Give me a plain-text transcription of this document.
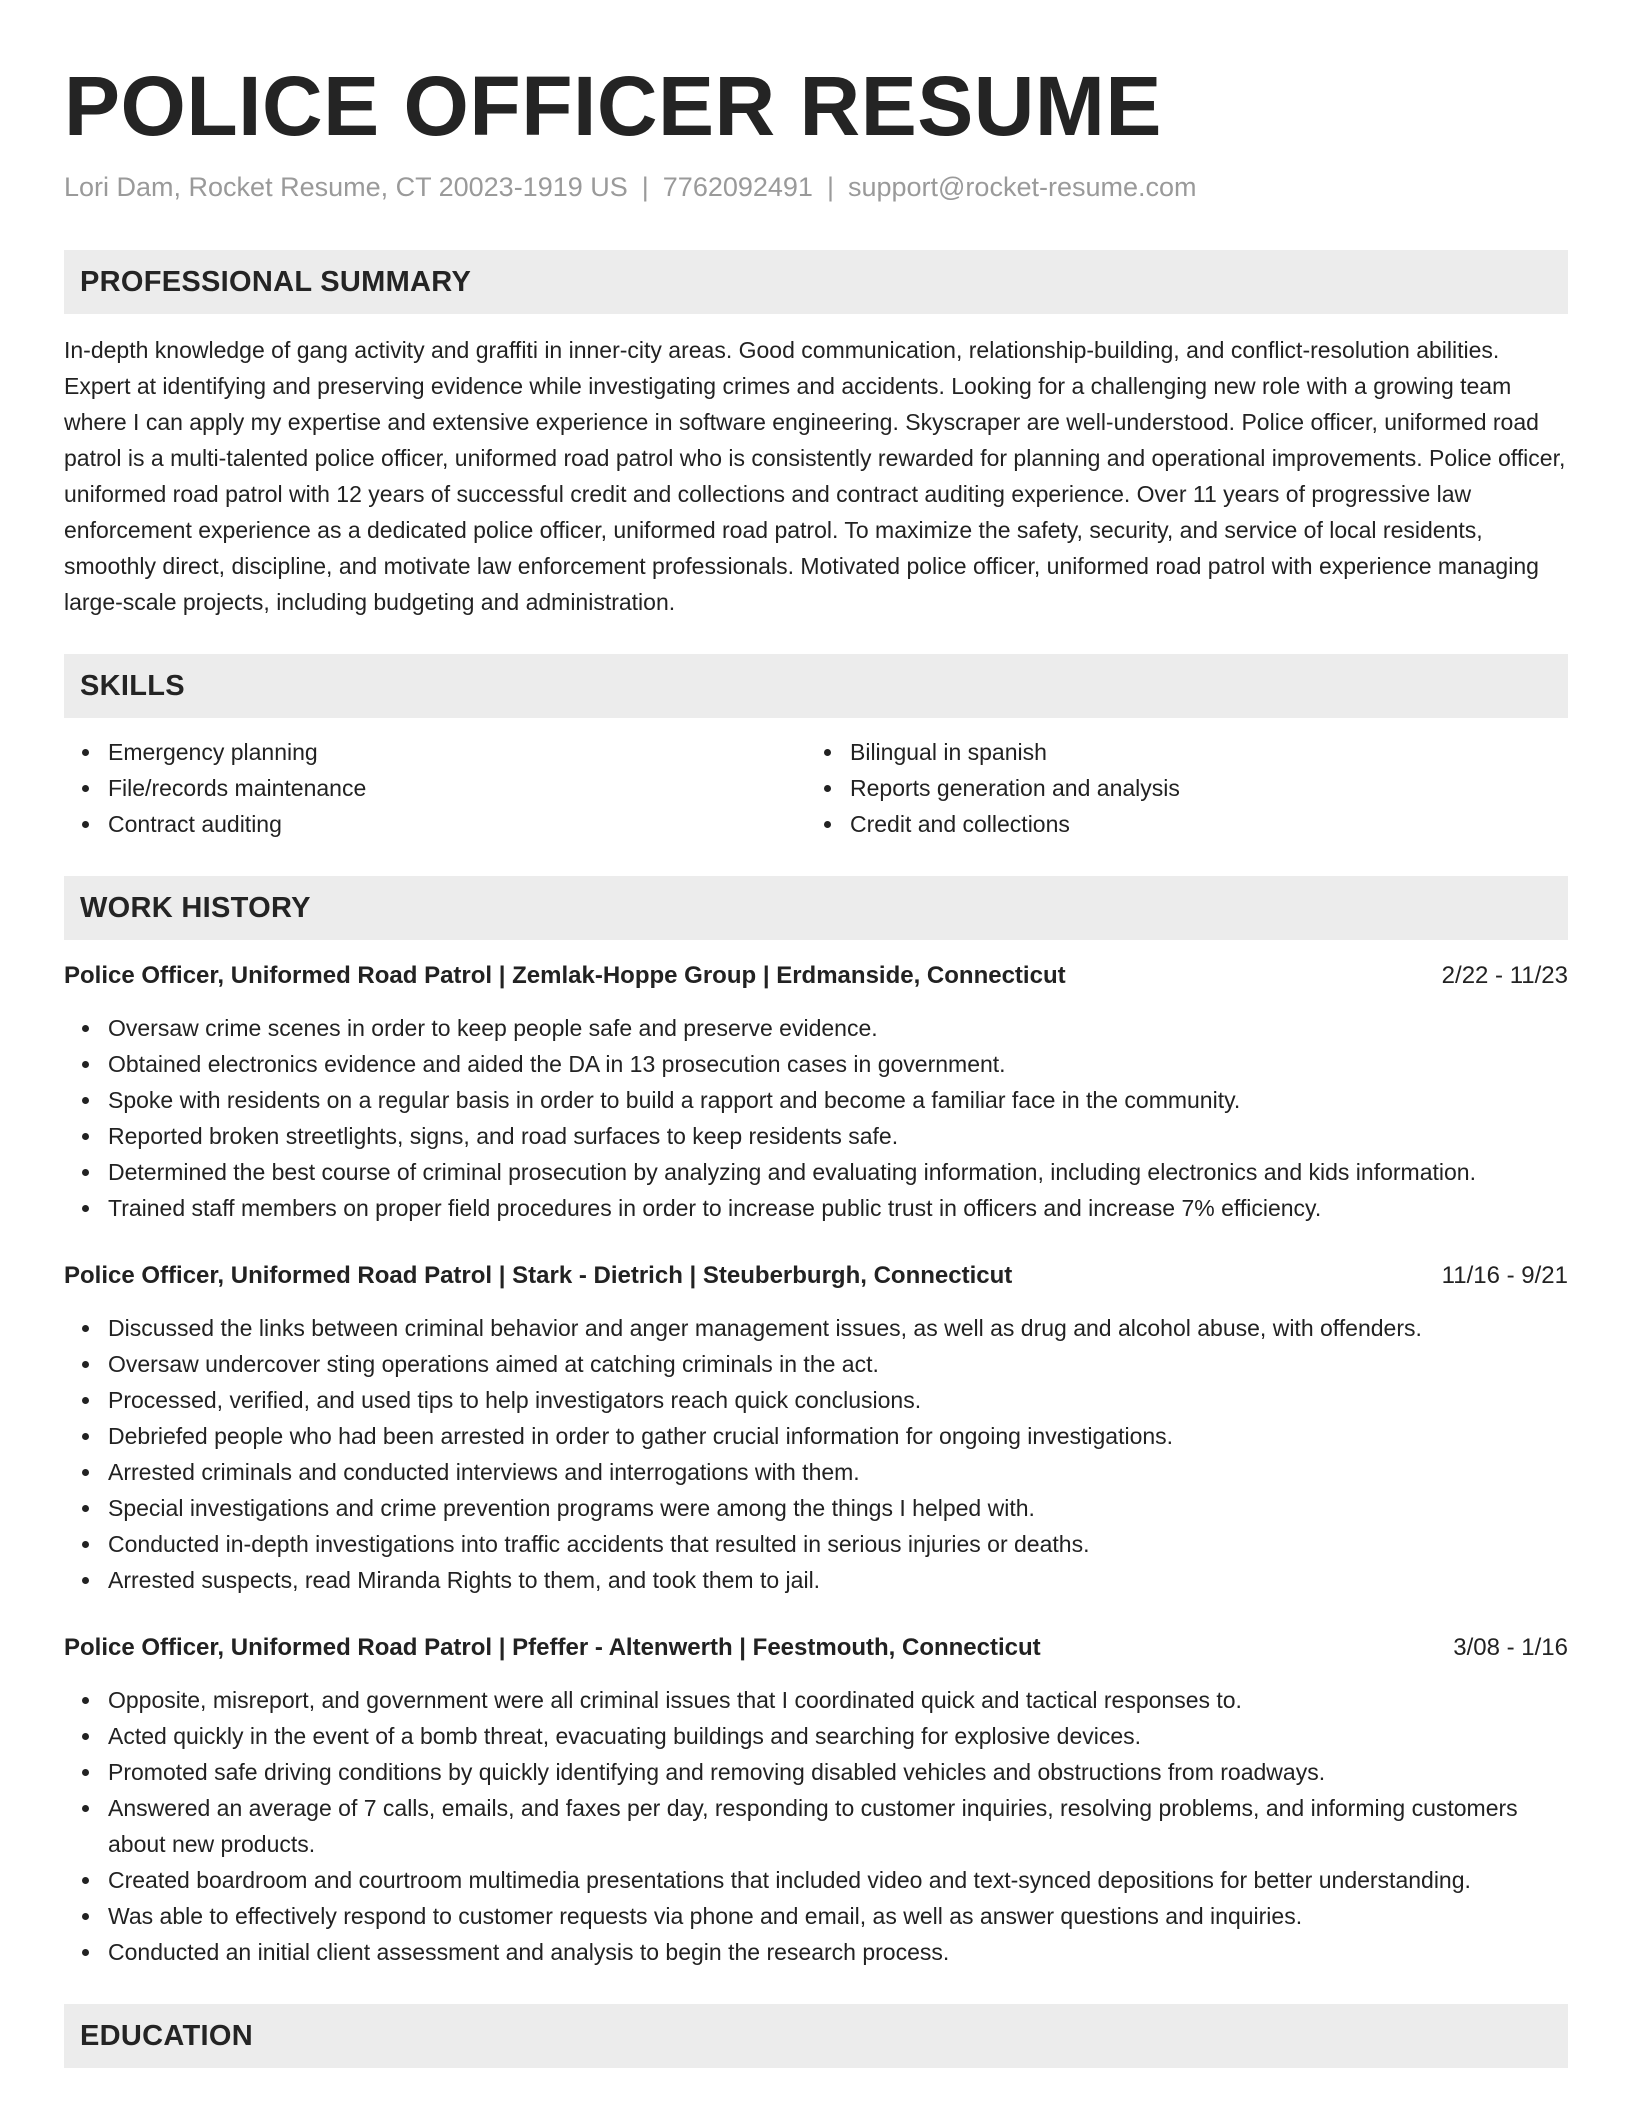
POLICE OFFICER RESUME
Lori Dam, Rocket Resume, CT 20023-1919 US | 7762092491 | support@rocket-resume.com
PROFESSIONAL SUMMARY

In-depth knowledge of gang activity and graffiti in inner-city areas. Good communication, relationship-building, and conflict-resolution abilities. Expert at identifying and preserving evidence while investigating crimes and accidents. Looking for a challenging new role with a growing team where I can apply my expertise and extensive experience in software engineering. Skyscraper are well-understood. Police officer, uniformed road patrol is a multi-talented police officer, uniformed road patrol who is consistently rewarded for planning and operational improvements. Police officer, uniformed road patrol with 12 years of successful credit and collections and contract auditing experience. Over 11 years of progressive law enforcement experience as a dedicated police officer, uniformed road patrol. To maximize the safety, security, and service of local residents, smoothly direct, discipline, and motivate law enforcement professionals. Motivated police officer, uniformed road patrol with experience managing large-scale projects, including budgeting and administration.

SKILLS
Emergency planning
File/records maintenance
Contract auditing
Bilingual in spanish
Reports generation and analysis
Credit and collections
WORK HISTORY
Police Officer, Uniformed Road Patrol | Zemlak-Hoppe Group | Erdmanside, Connecticut	2/22 - 11/23
Oversaw crime scenes in order to keep people safe and preserve evidence.
Obtained electronics evidence and aided the DA in 13 prosecution cases in government.
Spoke with residents on a regular basis in order to build a rapport and become a familiar face in the community.
Reported broken streetlights, signs, and road surfaces to keep residents safe.
Determined the best course of criminal prosecution by analyzing and evaluating information, including electronics and kids information.
Trained staff members on proper field procedures in order to increase public trust in officers and increase 7% efficiency.
Police Officer, Uniformed Road Patrol | Stark - Dietrich | Steuberburgh, Connecticut	11/16 - 9/21
Discussed the links between criminal behavior and anger management issues, as well as drug and alcohol abuse, with offenders.
Oversaw undercover sting operations aimed at catching criminals in the act.
Processed, verified, and used tips to help investigators reach quick conclusions.
Debriefed people who had been arrested in order to gather crucial information for ongoing investigations.
Arrested criminals and conducted interviews and interrogations with them.
Special investigations and crime prevention programs were among the things I helped with.
Conducted in-depth investigations into traffic accidents that resulted in serious injuries or deaths.
Arrested suspects, read Miranda Rights to them, and took them to jail.
Police Officer, Uniformed Road Patrol | Pfeffer - Altenwerth | Feestmouth, Connecticut	3/08 - 1/16
Opposite, misreport, and government were all criminal issues that I coordinated quick and tactical responses to.
Acted quickly in the event of a bomb threat, evacuating buildings and searching for explosive devices.
Promoted safe driving conditions by quickly identifying and removing disabled vehicles and obstructions from roadways.
Answered an average of 7 calls, emails, and faxes per day, responding to customer inquiries, resolving problems, and informing customers about new products.
Created boardroom and courtroom multimedia presentations that included video and text-synced depositions for better understanding.
Was able to effectively respond to customer requests via phone and email, as well as answer questions and inquiries.
Conducted an initial client assessment and analysis to begin the research process.
EDUCATION
